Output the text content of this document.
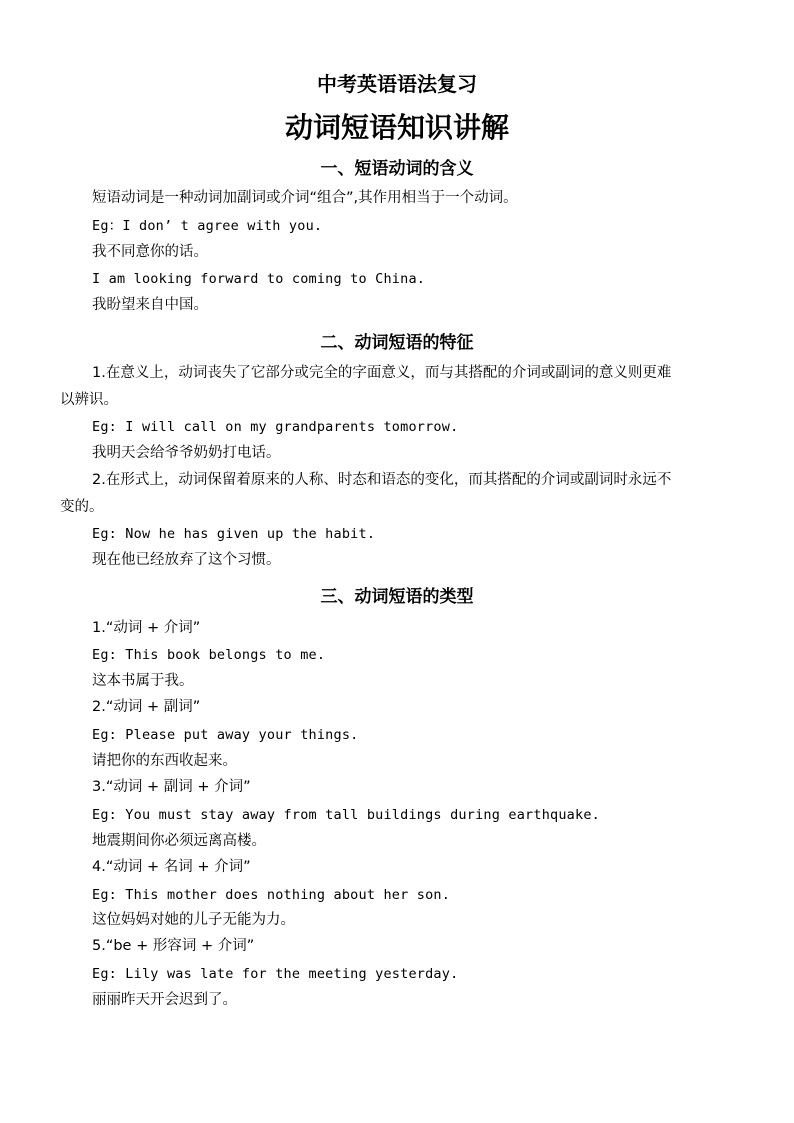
中考英语语法复习
动词短语知识讲解
一、短语动词的含义
短语动词是一种动词加副词或介词“组合”,其作用相当于一个动词。
Eg：I don’ t agree with you.
我不同意你的话。
I am looking forward to coming to China.
我盼望来自中国。
二、动词短语的特征
1.在意义上，动词丧失了它部分或完全的字面意义，而与其搭配的介词或副词的意义则更难
以辨识。
Eg: I will call on my grandparents tomorrow.
我明天会给爷爷奶奶打电话。
2.在形式上，动词保留着原来的人称、时态和语态的变化，而其搭配的介词或副词时永远不
变的。
Eg: Now he has given up the habit.
现在他已经放弃了这个习惯。
三、动词短语的类型
1.“动词 + 介词”
Eg: This book belongs to me.
这本书属于我。
2.“动词 + 副词”
Eg: Please put away your things.
请把你的东西收起来。
3.“动词 + 副词 + 介词”
Eg: You must stay away from tall buildings during earthquake.
地震期间你必须远离高楼。
4.“动词 + 名词 + 介词”
Eg: This mother does nothing about her son.
这位妈妈对她的儿子无能为力。
5.“be + 形容词 + 介词”
Eg: Lily was late for the meeting yesterday.
丽丽昨天开会迟到了。
